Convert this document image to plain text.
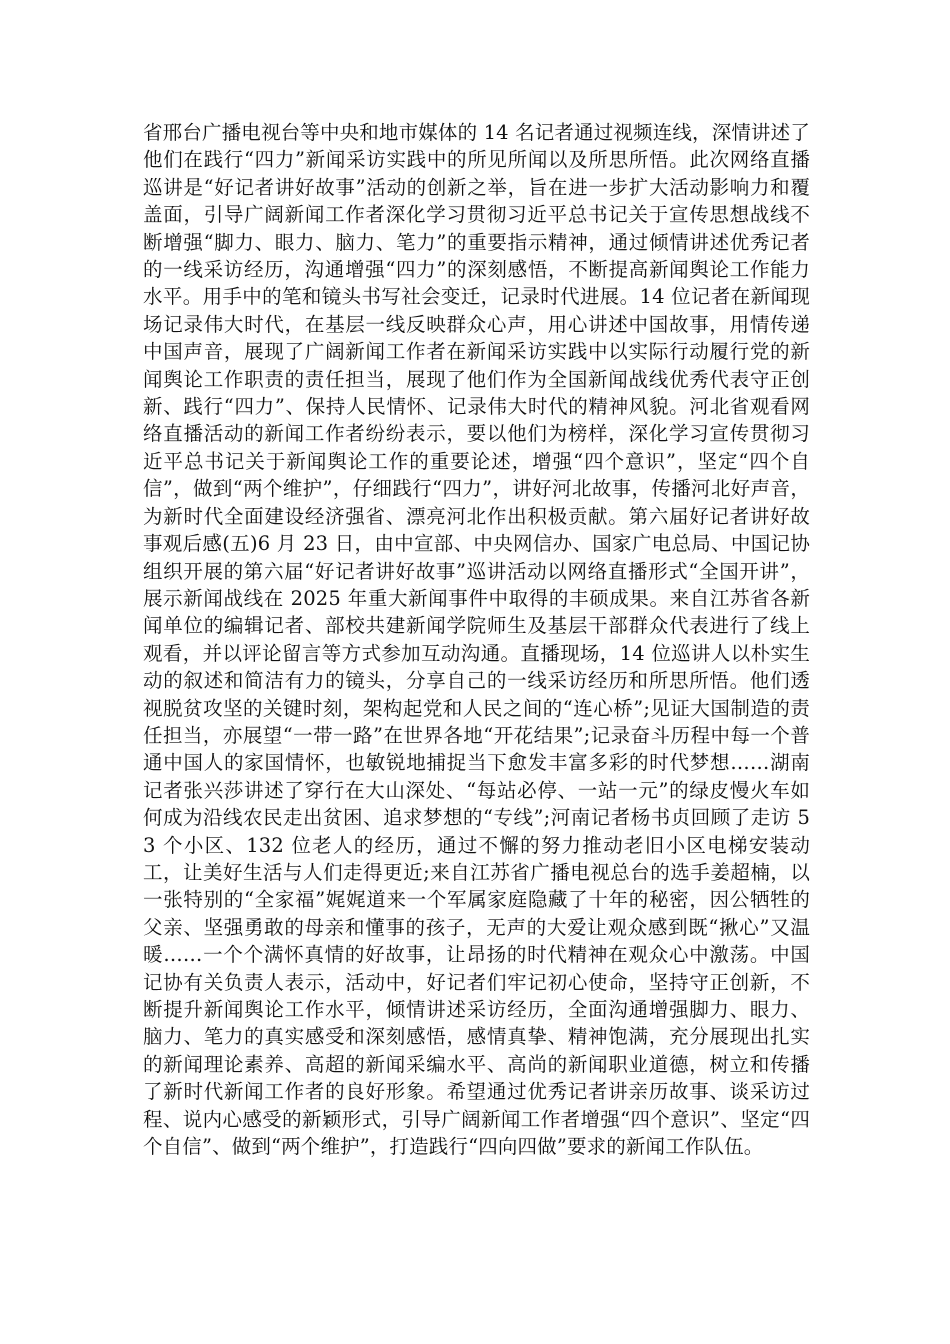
省邢台广播电视台等中央和地市媒体的 14 名记者通过视频连线，深情讲述了他们在践行“四力”新闻采访实践中的所见所闻以及所思所悟。此次网络直播巡讲是“好记者讲好故事”活动的创新之举，旨在进一步扩大活动影响力和覆盖面，引导广阔新闻工作者深化学习贯彻习近平总书记关于宣传思想战线不断增强“脚力、眼力、脑力、笔力”的重要指示精神，通过倾情讲述优秀记者的一线采访经历，沟通增强“四力”的深刻感悟，不断提高新闻舆论工作能力水平。用手中的笔和镜头书写社会变迁，记录时代进展。14 位记者在新闻现场记录伟大时代，在基层一线反映群众心声，用心讲述中国故事，用情传递中国声音，展现了广阔新闻工作者在新闻采访实践中以实际行动履行党的新闻舆论工作职责的责任担当，展现了他们作为全国新闻战线优秀代表守正创新、践行“四力”、保持人民情怀、记录伟大时代的精神风貌。河北省观看网络直播活动的新闻工作者纷纷表示，要以他们为榜样，深化学习宣传贯彻习近平总书记关于新闻舆论工作的重要论述，增强“四个意识”，坚定“四个自信”，做到“两个维护”，仔细践行“四力”，讲好河北故事，传播河北好声音，为新时代全面建设经济强省、漂亮河北作出积极贡献。第六届好记者讲好故事观后感(五)6 月 23 日，由中宣部、中央网信办、国家广电总局、中国记协组织开展的第六届“好记者讲好故事”巡讲活动以网络直播形式“全国开讲”，展示新闻战线在 2025 年重大新闻事件中取得的丰硕成果。来自江苏省各新闻单位的编辑记者、部校共建新闻学院师生及基层干部群众代表进行了线上观看，并以评论留言等方式参加互动沟通。直播现场，14 位巡讲人以朴实生动的叙述和简洁有力的镜头，分享自己的一线采访经历和所思所悟。他们透视脱贫攻坚的关键时刻，架构起党和人民之间的“连心桥”;见证大国制造的责任担当，亦展望“一带一路”在世界各地“开花结果”;记录奋斗历程中每一个普通中国人的家国情怀，也敏锐地捕捉当下愈发丰富多彩的时代梦想……湖南记者张兴莎讲述了穿行在大山深处、“每站必停、一站一元”的绿皮慢火车如何成为沿线农民走出贫困、追求梦想的“专线”;河南记者杨书贞回顾了走访 53 个小区、132 位老人的经历，通过不懈的努力推动老旧小区电梯安装动工，让美好生活与人们走得更近;来自江苏省广播电视总台的选手姜超楠，以一张特别的“全家福”娓娓道来一个军属家庭隐藏了十年的秘密，因公牺牲的父亲、坚强勇敢的母亲和懂事的孩子，无声的大爱让观众感到既“揪心”又温暖……一个个满怀真情的好故事，让昂扬的时代精神在观众心中激荡。中国记协有关负责人表示，活动中，好记者们牢记初心使命，坚持守正创新，不断提升新闻舆论工作水平，倾情讲述采访经历，全面沟通增强脚力、眼力、脑力、笔力的真实感受和深刻感悟，感情真挚、精神饱满，充分展现出扎实的新闻理论素养、高超的新闻采编水平、高尚的新闻职业道德，树立和传播了新时代新闻工作者的良好形象。希望通过优秀记者讲亲历故事、谈采访过程、说内心感受的新颖形式，引导广阔新闻工作者增强“四个意识”、坚定“四个自信”、做到“两个维护”，打造践行“四向四做”要求的新闻工作队伍。
